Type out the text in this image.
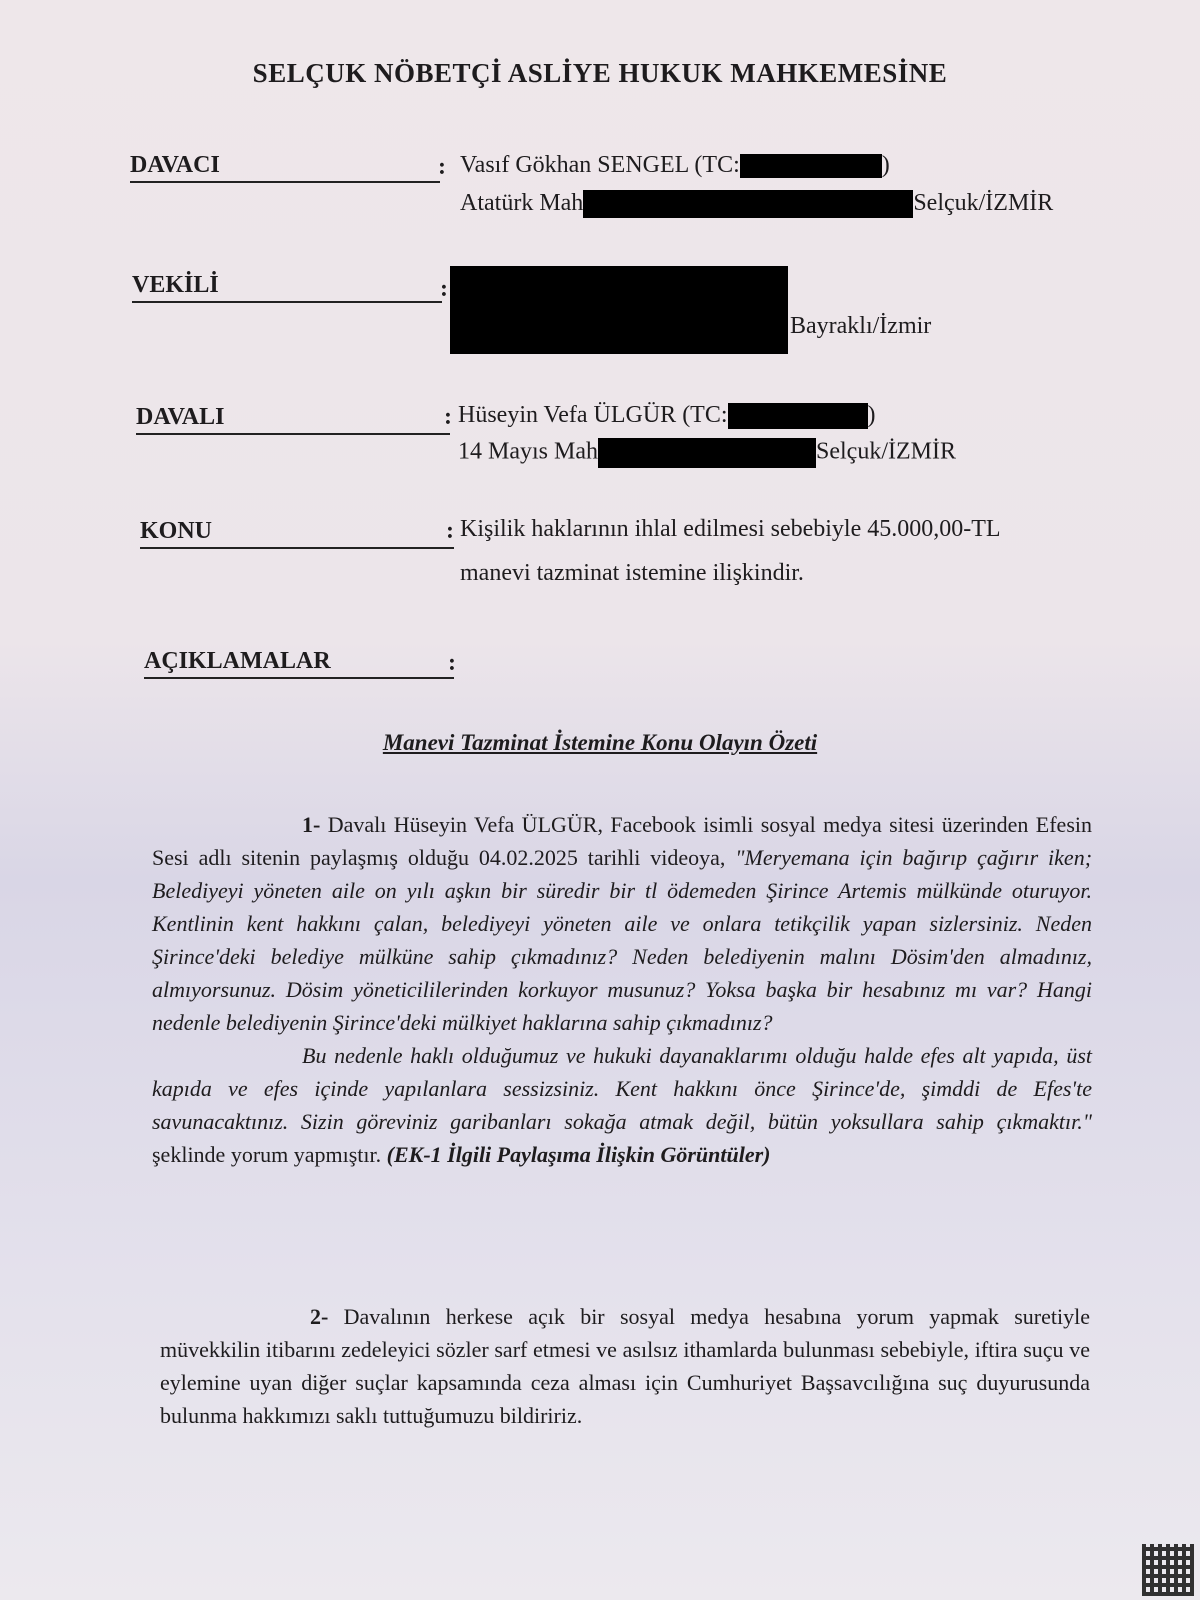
SELÇUK NÖBETÇİ ASLİYE HUKUK MAHKEMESİNE
DAVACI	: Vasıf Gökhan SENGEL (TC:	)
Atatürk Mah	Selçuk/İZMİR
VEKİLİ	:
Bayraklı/İzmir
DAVALI	: Hüseyin Vefa ÜLGÜR (TC:	)
14 Mayıs Mah	Selçuk/İZMİR
KONU	: Kişilik haklarının ihlal edilmesi sebebiyle 45.000,00-TL
manevi tazminat istemine ilişkindir.
AÇIKLAMALAR	:
Manevi Tazminat İstemine Konu Olayın Özeti
1- Davalı Hüseyin Vefa ÜLGÜR, Facebook isimli sosyal medya sitesi üzerinden Efesin Sesi adlı sitenin paylaşmış olduğu 04.02.2025 tarihli videoya, "Meryemana için bağırıp çağırır iken; Belediyeyi yöneten aile on yılı aşkın bir süredir bir tl ödemeden Şirince Artemis mülkünde oturuyor. Kentlinin kent hakkını çalan, belediyeyi yöneten aile ve onlara tetikçilik yapan sizlersiniz. Neden Şirince'deki belediye mülküne sahip çıkmadınız? Neden belediyenin malını Dösim'den almadınız, almıyorsunuz. Dösim yöneticililerinden korkuyor musunuz? Yoksa başka bir hesabınız mı var? Hangi nedenle belediyenin Şirince'deki mülkiyet haklarına sahip çıkmadınız?
Bu nedenle haklı olduğumuz ve hukuki dayanaklarımı olduğu halde efes alt yapıda, üst kapıda ve efes içinde yapılanlara sessizsiniz. Kent hakkını önce Şirince'de, şimddi de Efes'te savunacaktınız. Sizin göreviniz garibanları sokağa atmak değil, bütün yoksullara sahip çıkmaktır." şeklinde yorum yapmıştır. (EK-1 İlgili Paylaşıma İlişkin Görüntüler)
2- Davalının herkese açık bir sosyal medya hesabına yorum yapmak suretiyle müvekkilin itibarını zedeleyici sözler sarf etmesi ve asılsız ithamlarda bulunması sebebiyle, iftira suçu ve eylemine uyan diğer suçlar kapsamında ceza alması için Cumhuriyet Başsavcılığına suç duyurusunda bulunma hakkımızı saklı tuttuğumuzu bildiririz.
